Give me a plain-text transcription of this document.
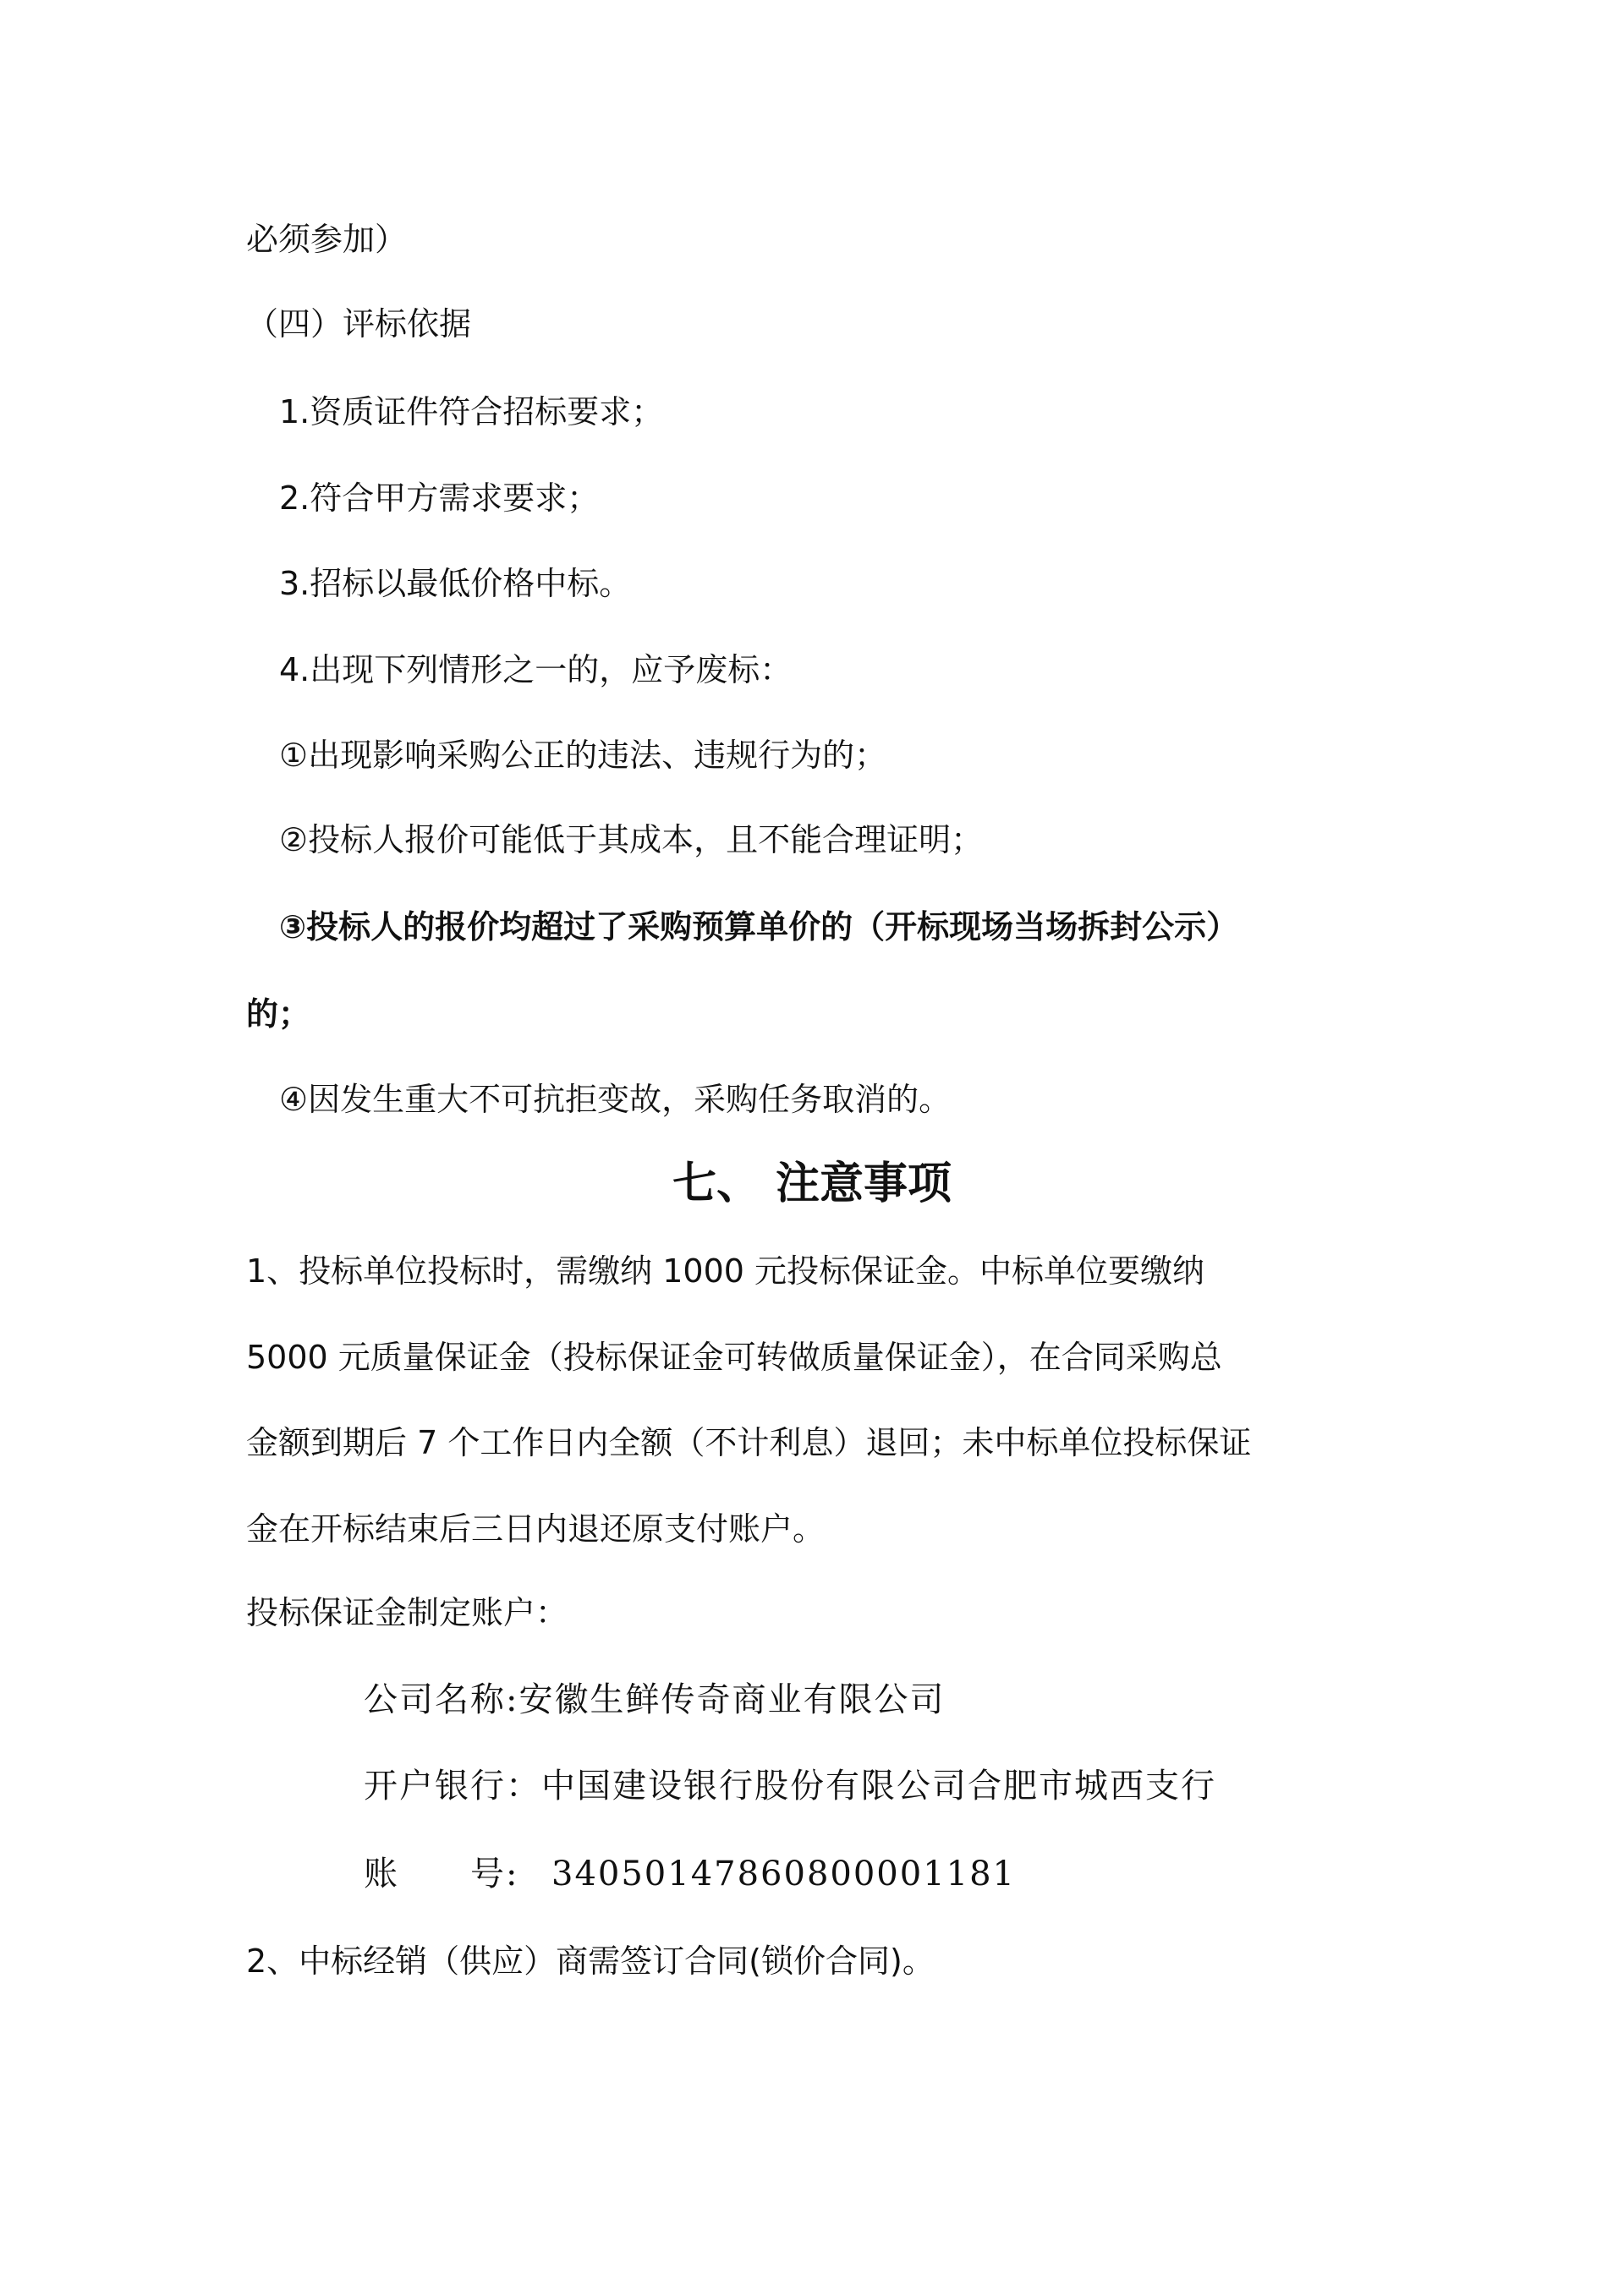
必须参加）
（四）评标依据
1.资质证件符合招标要求；
2.符合甲方需求要求；
3.招标以最低价格中标。
4.出现下列情形之一的，应予废标：
①出现影响采购公正的违法、违规行为的；
②投标人报价可能低于其成本，且不能合理证明；
③投标人的报价均超过了采购预算单价的（开标现场当场拆封公示）
的；
④因发生重大不可抗拒变故，采购任务取消的。
七、 注意事项
1、投标单位投标时，需缴纳 1000 元投标保证金。中标单位要缴纳
5000 元质量保证金（投标保证金可转做质量保证金），在合同采购总
金额到期后 7 个工作日内全额（不计利息）退回；未中标单位投标保证
金在开标结束后三日内退还原支付账户。
投标保证金制定账户：
公司名称:安徽生鲜传奇商业有限公司
开户银行：中国建设银行股份有限公司合肥市城西支行
账　　号: 34050147860800001181
2、中标经销（供应）商需签订合同(锁价合同)。
